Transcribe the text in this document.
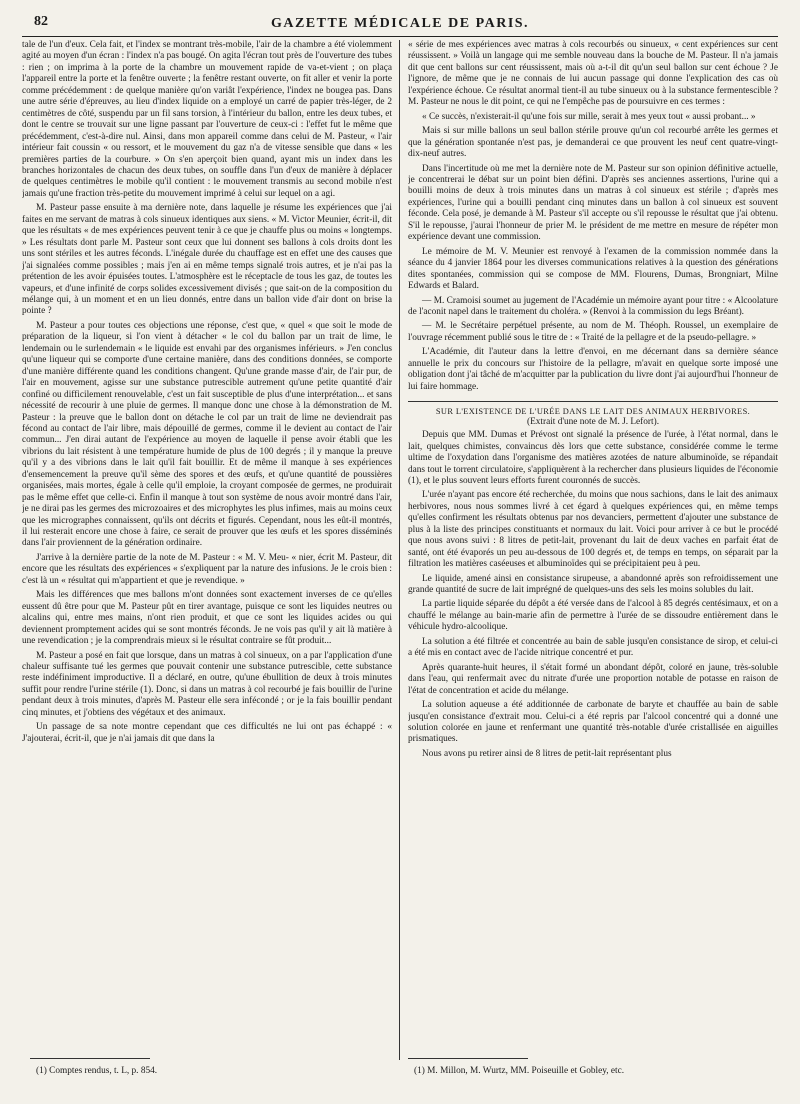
82	GAZETTE MÉDICALE DE PARIS.

tale de l'un d'eux. Cela fait, et l'index se montrant très-mobile, l'air de la chambre a été violemment agité au moyen d'un écran : l'index n'a pas bougé. On agita l'écran tout près de l'ouverture des tubes : rien ; on imprima à la porte de la chambre un mouvement rapide de va-et-vient ; on plaça l'appareil entre la porte et la fenêtre ouverte ; la fenêtre restant ouverte, on fit aller et venir la porte comme précédemment : de quelque manière qu'on variât l'expérience, l'index ne bougea pas. Dans une autre série d'épreuves, au lieu d'index liquide on a employé un carré de papier très-léger, de 2 centimètres de côté, suspendu par un fil sans torsion, à l'intérieur du ballon, entre les deux tubes, et dont le centre se trouvait sur une ligne passant par l'ouverture de ceux-ci : l'effet fut le même que précédemment, c'est-à-dire nul. Ainsi, dans mon appareil comme dans celui de M. Pasteur, « l'air intérieur fait coussin « ou ressort, et le mouvement du gaz n'a de vitesse sensible que dans « les premières parties de la courbure. » On s'en aperçoit bien quand, ayant mis un index dans les branches horizontales de chacun des deux tubes, on souffle dans l'un d'eux de manière à déplacer de quelques centimètres le mobile qu'il contient : le mouvement transmis au second mobile n'est jamais qu'une fraction très-petite du mouvement imprimé à celui sur lequel on a agi.

M. Pasteur passe ensuite à ma dernière note, dans laquelle je résume les expériences que j'ai faites en me servant de matras à cols sinueux identiques aux siens. « M. Victor Meunier, écrit-il, dit que les résultats « de mes expériences peuvent tenir à ce que je chauffe plus ou moins « longtemps. » Les résultats dont parle M. Pasteur sont ceux que lui donnent ses ballons à cols droits dont les uns sont stériles et les autres féconds. L'inégale durée du chauffage est en effet une des causes que j'ai signalées comme possibles ; mais j'en ai en même temps signalé trois autres, et je n'ai pas la prétention de les avoir épuisées toutes. L'atmosphère est le réceptacle de tous les gaz, de toutes les vapeurs, et d'une infinité de corps solides excessivement divisés ; que sait-on de la composition du mélange qui, à un moment et en un lieu donnés, entre dans un ballon vide d'air dont on brise la pointe ?

M. Pasteur a pour toutes ces objections une réponse, c'est que, « quel « que soit le mode de préparation de la liqueur, si l'on vient à détacher « le col du ballon par un trait de lime, le lendemain ou le surlendemain « le liquide est envahi par des organismes inférieurs. » J'en conclus qu'une liqueur qui se comporte d'une certaine manière, dans des conditions données, se comporte d'une manière différente quand les conditions changent. Qu'une grande masse d'air, de l'air pur, de l'air en mouvement, agisse sur une substance putrescible autrement qu'une petite quantité d'air confiné ou difficilement renouvelable, c'est un fait susceptible de plus d'une interprétation... et sans nécessité de recourir à une pluie de germes. Il manque donc une chose à la démonstration de M. Pasteur : la preuve que le ballon dont on détache le col par un trait de lime ne deviendrait pas fécond au contact de l'air libre, mais dépouillé de germes, comme il le devient au contact de l'air commun... J'en dirai autant de l'expérience au moyen de laquelle il pense avoir établi que les vibrions du lait résistent à une température humide de plus de 100 degrés ; il y manque la preuve qu'il y a des vibrions dans le lait qu'il fait bouillir. Et de même il manque à ses expériences d'ensemencement la preuve qu'il sème des spores et des œufs, et qu'une quantité de poussières organisées, mais mortes, égale à celle qu'il emploie, la croyant composée de germes, ne produirait pas le même effet que celle-ci. Enfin il manque à tout son système de nous avoir montré dans l'air, je ne dirai pas les germes des microzoaires et des microphytes les plus infimes, mais au moins ceux que les micrographes connaissent, qu'ils ont décrits et figurés. Cependant, nous les eût-il montrés, il lui resterait encore une chose à faire, ce serait de prouver que les œufs et les spores disséminés dans l'air proviennent de la génération ordinaire.

J'arrive à la dernière partie de la note de M. Pasteur : « M. V. Meu- « nier, écrit M. Pasteur, dit encore que les résultats des expériences « s'expliquent par la nature des infusions. Je le crois bien : c'est là un « résultat qui m'appartient et que je revendique. »

Mais les différences que mes ballons m'ont données sont exactement inverses de ce qu'elles eussent dû être pour que M. Pasteur pût en tirer avantage, puisque ce sont les liquides neutres ou alcalins qui, entre mes mains, n'ont rien produit, et que ce sont les liquides acides ou qui deviennent promptement acides qui se sont montrés féconds. Je ne vois pas qu'il y ait là matière à une revendication ; je la comprendrais mieux si le résultat contraire se fût produit...

M. Pasteur a posé en fait que lorsque, dans un matras à col sinueux, on a par l'application d'une chaleur suffisante tué les germes que pouvait contenir une substance putrescible, cette substance reste indéfiniment improductive. Il a déclaré, en outre, qu'une ébullition de deux à trois minutes suffit pour rendre l'urine stérile (1). Donc, si dans un matras à col recourbé je fais bouillir de l'urine pendant deux à trois minutes, d'après M. Pasteur elle sera infécondé ; or je la fais bouillir pendant cinq minutes, et j'obtiens des végétaux et des animaux.

Un passage de sa note montre cependant que ces difficultés ne lui ont pas échappé : « J'ajouterai, écrit-il, que je n'ai jamais dit que dans la

« série de mes expériences avec matras à cols recourbés ou sinueux, « cent expériences sur cent réussissent. » Voilà un langage qui me semble nouveau dans la bouche de M. Pasteur. Il n'a jamais dit que cent ballons sur cent réussissent, mais où a-t-il dit qu'un seul ballon sur cent échoue ? Je l'ignore, de même que je ne connais de lui aucun passage qui donne l'explication des cas où l'expérience échoue. Ce résultat anormal tient-il au tube sinueux ou à la substance fermentescible ? M. Pasteur ne nous le dit point, ce qui ne l'empêche pas de poursuivre en ces termes :

« Ce succès, n'existerait-il qu'une fois sur mille, serait à mes yeux tout « aussi probant... »

Mais si sur mille ballons un seul ballon stérile prouve qu'un col recourbé arrête les germes et que la génération spontanée n'est pas, je demanderai ce que prouvent les neuf cent quatre-vingt-dix-neuf autres.

Dans l'incertitude où me met la dernière note de M. Pasteur sur son opinion définitive actuelle, je concentrerai le débat sur un point bien défini. D'après ses anciennes assertions, l'urine qui a bouilli moins de deux à trois minutes dans un matras à col sinueux est stérile ; d'après mes expériences, l'urine qui a bouilli pendant cinq minutes dans un ballon à col sinueux est souvent féconde. Cela posé, je demande à M. Pasteur s'il accepte ou s'il repousse le résultat que j'ai obtenu. S'il le repousse, j'aurai l'honneur de prier M. le président de me mettre en mesure de répéter mon expérience devant une commission.

Le mémoire de M. V. Meunier est renvoyé à l'examen de la commission nommée dans la séance du 4 janvier 1864 pour les diverses communications relatives à la question des générations dites spontanées, commission qui se compose de MM. Flourens, Dumas, Brongniart, Milne Edwards et Balard.

— M. Cramoisi soumet au jugement de l'Académie un mémoire ayant pour titre : « Alcoolature de l'aconit napel dans le traitement du choléra. » (Renvoi à la commission du legs Bréant).

— M. le Secrétaire perpétuel présente, au nom de M. Théoph. Roussel, un exemplaire de l'ouvrage récemment publié sous le titre de : « Traité de la pellagre et de la pseudo-pellagre. »

L'Académie, dit l'auteur dans la lettre d'envoi, en me décernant dans sa dernière séance annuelle le prix du concours sur l'histoire de la pellagre, m'avait en quelque sorte imposé une obligation dont j'ai tâché de m'acquitter par la publication du livre dont j'ai aujourd'hui l'honneur de lui faire hommage.

SUR L'EXISTENCE DE L'URÉE DANS LE LAIT DES ANIMAUX HERBIVORES.
(Extrait d'une note de M. J. Lefort).

Depuis que MM. Dumas et Prévost ont signalé la présence de l'urée, à l'état normal, dans le lait, quelques chimistes, convaincus dès lors que cette substance, considérée comme le terme ultime de l'oxydation dans l'organisme des matières azotées de nature albuminoïde, se répandait dans tout le torrent circulatoire, s'appliquèrent à la rechercher dans plusieurs liquides de l'économie (1), et le plus souvent leurs efforts furent couronnés de succès.

L'urée n'ayant pas encore été recherchée, du moins que nous sachions, dans le lait des animaux herbivores, nous nous sommes livré à cet égard à quelques expériences qui, en même temps qu'elles confirment les résultats obtenus par nos devanciers, permettent d'ajouter une substance de plus à la liste des principes constituants et normaux du lait. Voici pour arriver à ce but le procédé que nous avons suivi : 8 litres de petit-lait, provenant du lait de deux vaches en parfait état de santé, ont été évaporés un peu au-dessous de 100 degrés et, de temps en temps, on séparait par la filtration les matières caséeuses et albuminoïdes qui se précipitaient peu à peu.

Le liquide, amené ainsi en consistance sirupeuse, a abandonné après son refroidissement une grande quantité de sucre de lait imprégné de quelques-uns des sels les moins solubles du lait.

La partie liquide séparée du dépôt a été versée dans de l'alcool à 85 degrés centésimaux, et on a chauffé le mélange au bain-marie afin de permettre à l'urée de se dissoudre entièrement dans le véhicule hydro-alcoolique.

La solution a été filtrée et concentrée au bain de sable jusqu'en consistance de sirop, et celui-ci a été mis en contact avec de l'acide nitrique concentré et pur.

Après quarante-huit heures, il s'était formé un abondant dépôt, coloré en jaune, très-soluble dans l'eau, qui renfermait avec du nitrate d'urée une proportion notable de potasse en raison de l'état de concentration et acide du mélange.

La solution aqueuse a été additionnée de carbonate de baryte et chauffée au bain de sable jusqu'en consistance d'extrait mou. Celui-ci a été repris par l'alcool concentré qui a donné une solution colorée en jaune et renfermant une quantité très-notable d'urée cristallisée en aiguilles prismatiques.

Nous avons pu retirer ainsi de 8 litres de petit-lait représentant plus

(1) Comptes rendus, t. L, p. 854.	(1) M. Millon, M. Wurtz, MM. Poiseuille et Gobley, etc.
